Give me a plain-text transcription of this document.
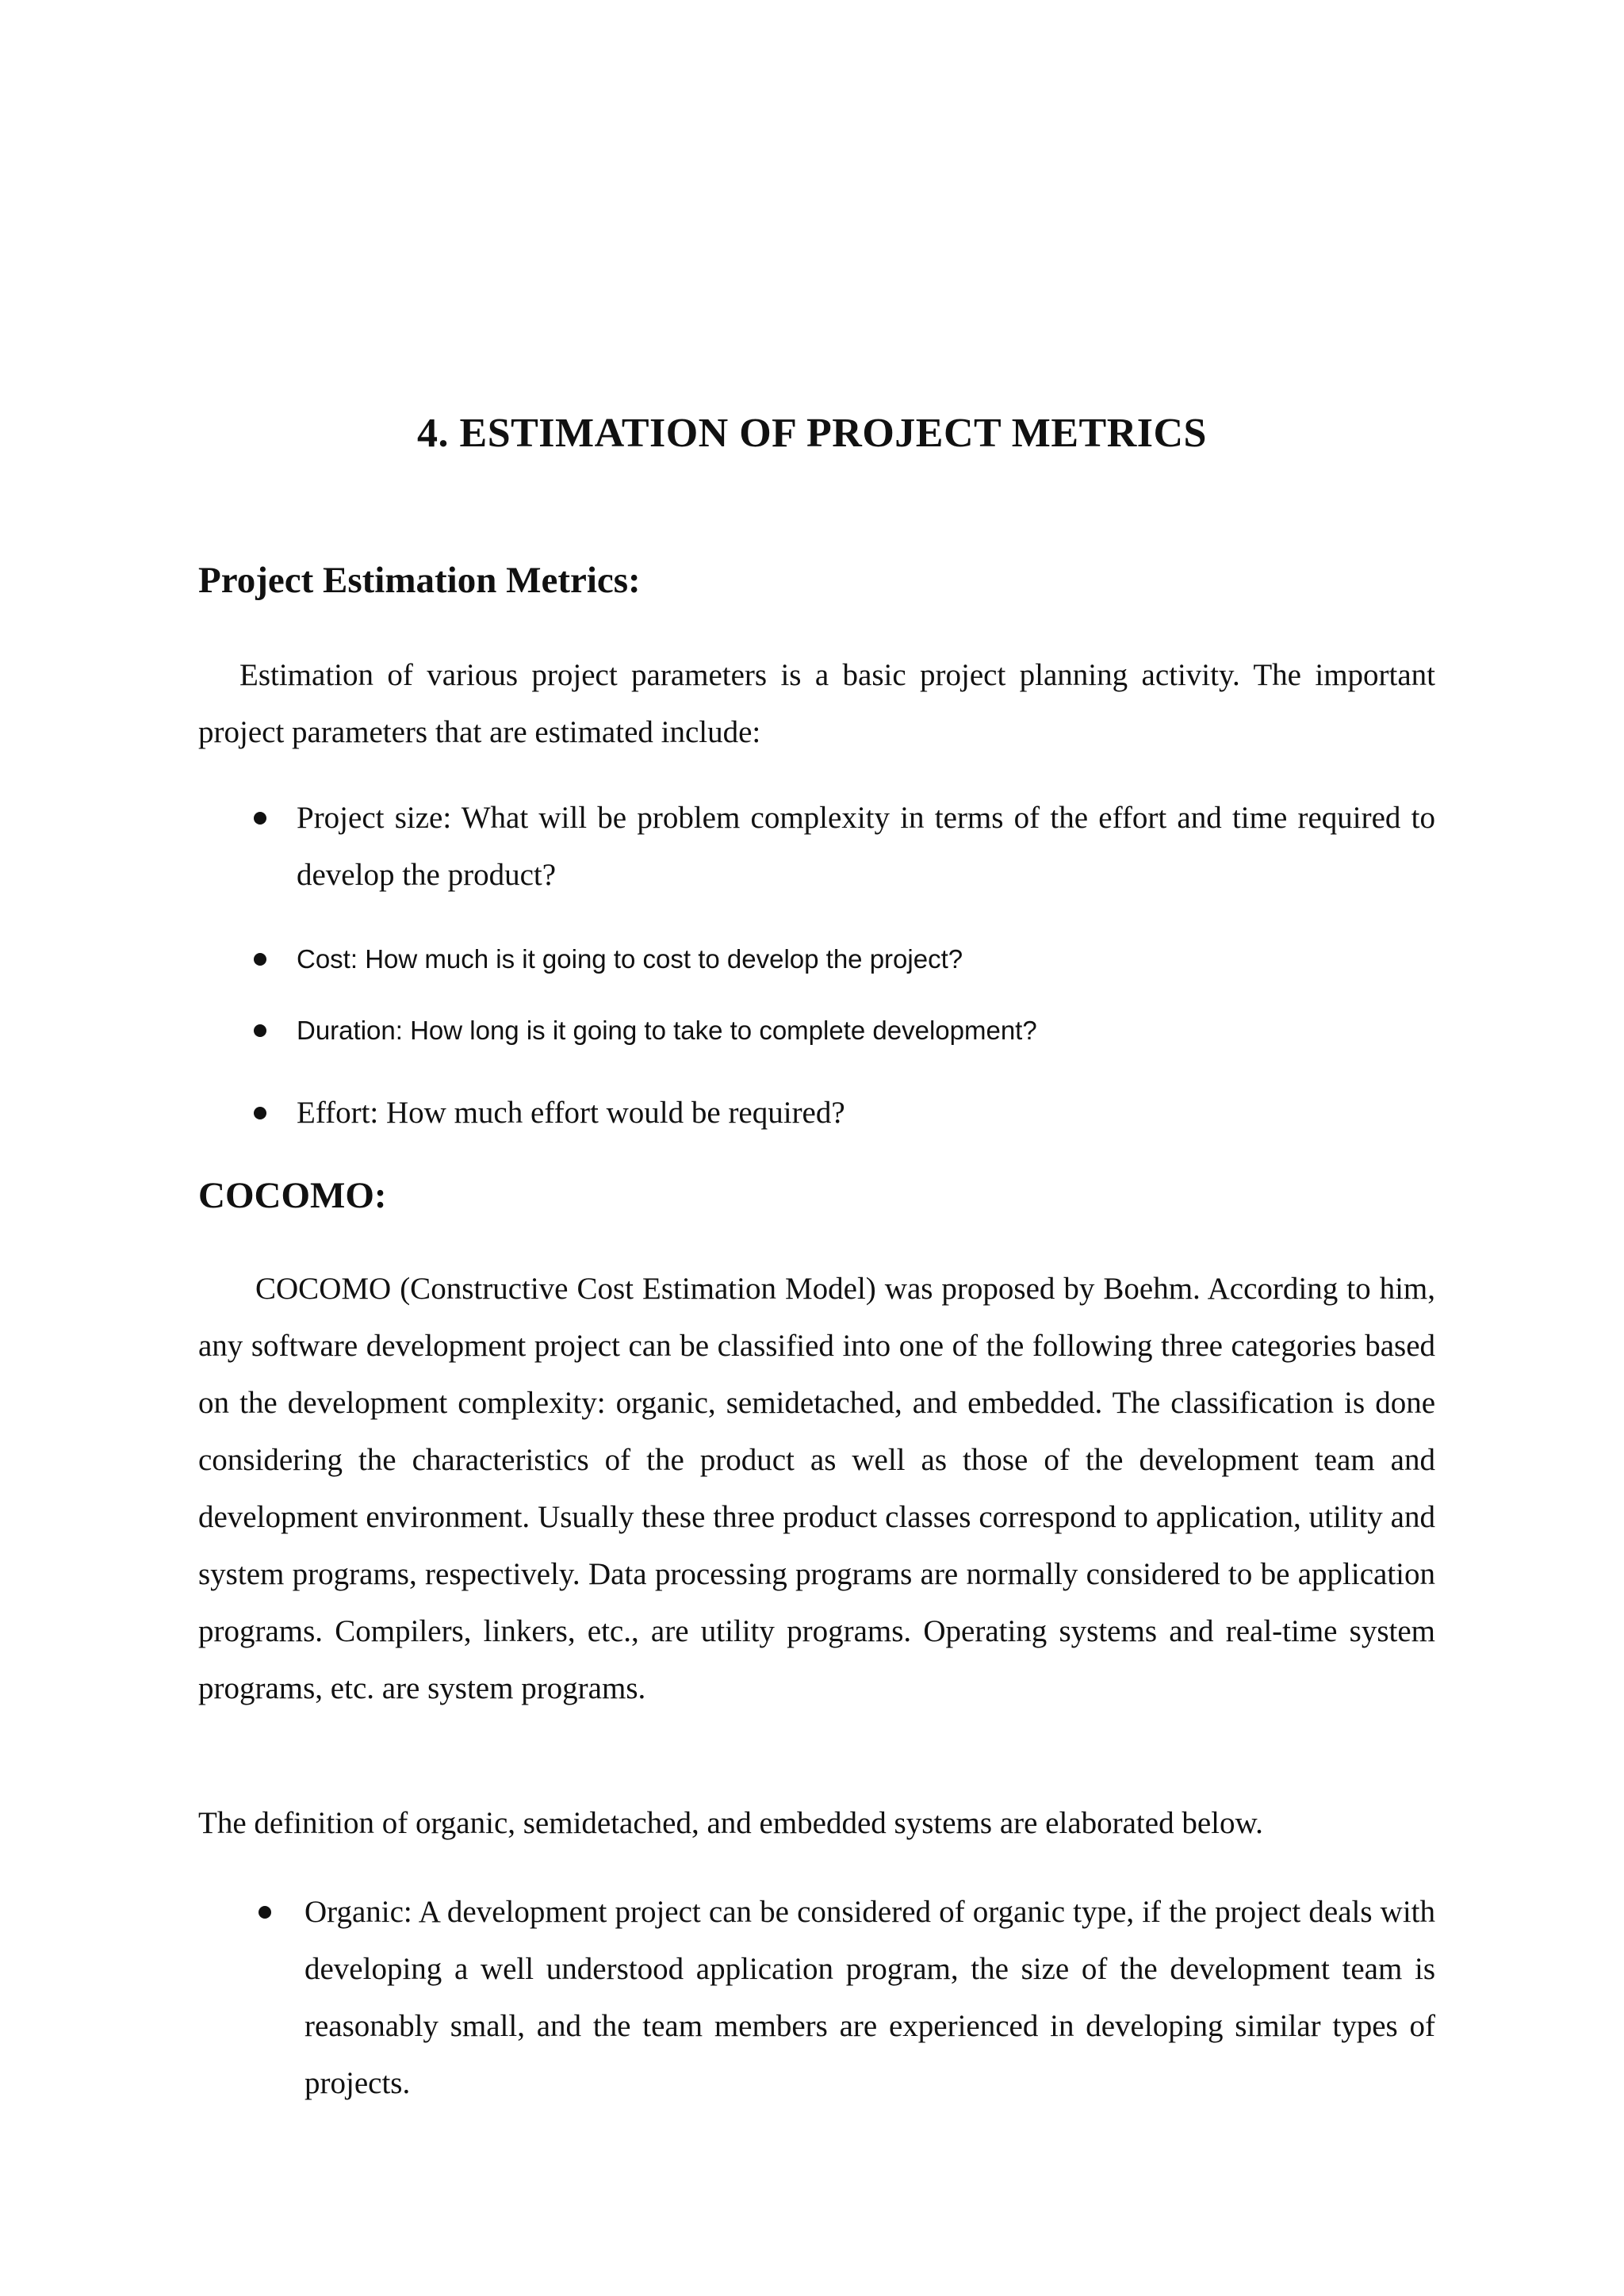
4. ESTIMATION OF PROJECT METRICS
Project Estimation Metrics:

Estimation of various project parameters is a basic project planning activity. The important project parameters that are estimated include:

Project size: What will be problem complexity in terms of the effort and time required to develop the product?
Cost: How much is it going to cost to develop the project?
Duration: How long is it going to take to complete development?
Effort: How much effort would be required?
COCOMO:

COCOMO (Constructive Cost Estimation Model) was proposed by Boehm. According to him, any software development project can be classified into one of the following three categories based on the development complexity: organic, semidetached, and embedded. The classification is done considering the characteristics of the product as well as those of the development team and development environment. Usually these three product classes correspond to application, utility and system programs, respectively. Data processing programs are normally considered to be application programs. Compilers, linkers, etc., are utility programs. Operating systems and real-time system programs, etc. are system programs.

The definition of organic, semidetached, and embedded systems are elaborated below.

Organic: A development project can be considered of organic type, if the project deals with developing a well understood application program, the size of the development team is reasonably small, and the team members are experienced in developing similar types of projects.
